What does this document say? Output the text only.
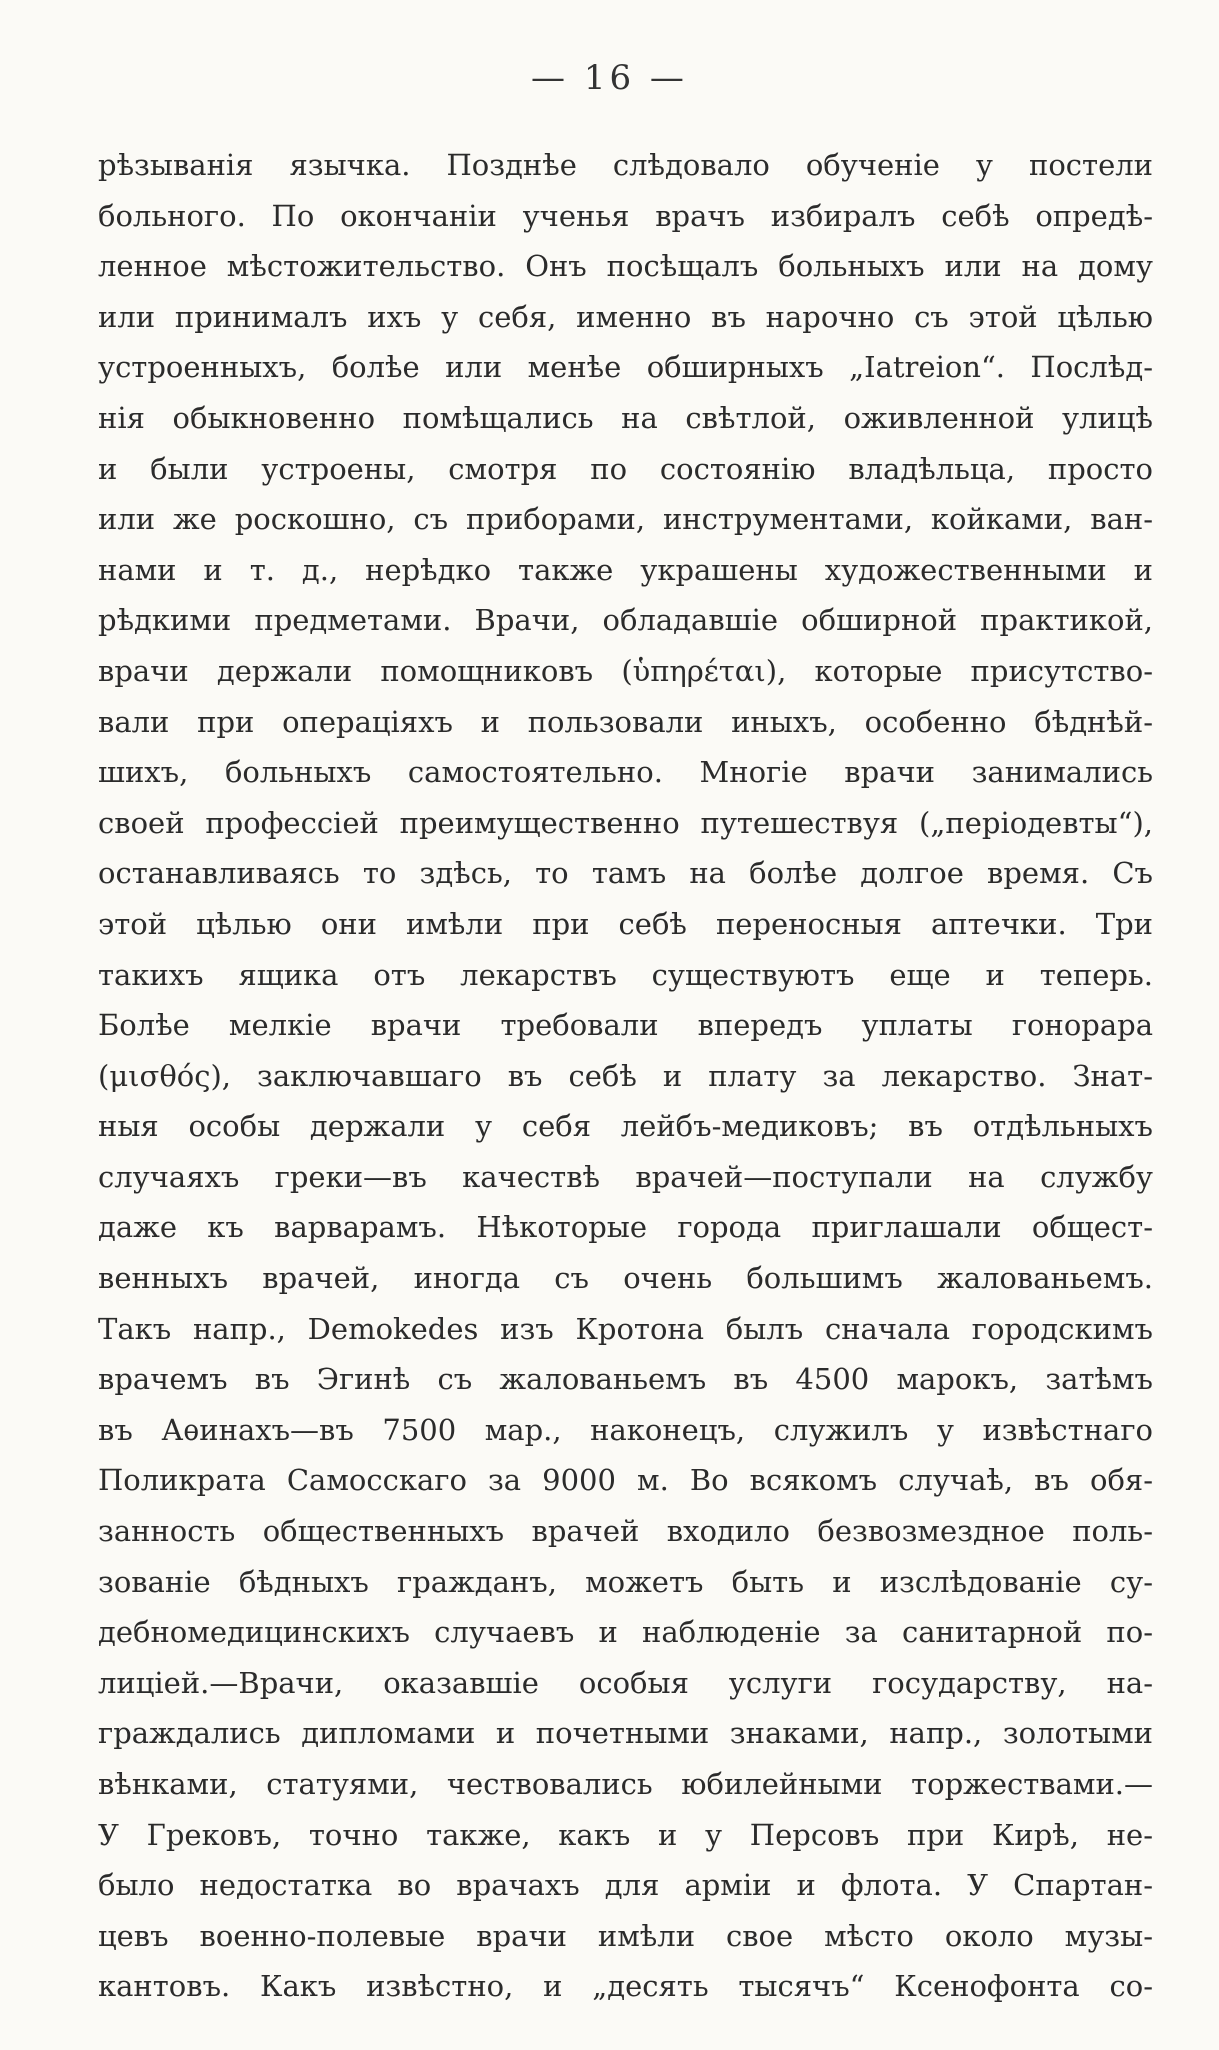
— 16 —
рѣзыванія язычка. Позднѣе слѣдовало обученіе у постели
больного. По окончаніи ученья врачъ избиралъ себѣ опредѣ-
ленное мѣстожительство. Онъ посѣщалъ больныхъ или на дому
или принималъ ихъ у себя, именно въ нарочно съ этой цѣлью
устроенныхъ, болѣе или менѣе обширныхъ „Iatreion“. Послѣд-
нія обыкновенно помѣщались на свѣтлой, оживленной улицѣ
и были устроены, смотря по состоянію владѣльца, просто
или же роскошно, съ приборами, инструментами, койками, ван-
нами и т. д., нерѣдко также украшены художественными и
рѣдкими предметами. Врачи, обладавшіе обширной практикой,
врачи держали помощниковъ (ὑπηρέται), которые присутство-
вали при операціяхъ и пользовали иныхъ, особенно бѣднѣй-
шихъ, больныхъ самостоятельно. Многіе врачи занимались
своей профессіей преимущественно путешествуя („періодевты“),
останавливаясь то здѣсь, то тамъ на болѣе долгое время. Съ
этой цѣлью они имѣли при себѣ переносныя аптечки. Три
такихъ ящика отъ лекарствъ существуютъ еще и теперь.
Болѣе мелкіе врачи требовали впередъ уплаты гонорара
(μισθός), заключавшаго въ себѣ и плату за лекарство. Знат-
ныя особы держали у себя лейбъ-медиковъ; въ отдѣльныхъ
случаяхъ греки—въ качествѣ врачей—поступали на службу
даже къ варварамъ. Нѣкоторые города приглашали общест-
венныхъ врачей, иногда съ очень большимъ жалованьемъ.
Такъ напр., Demokedes изъ Кротона былъ сначала городскимъ
врачемъ въ Эгинѣ съ жалованьемъ въ 4500 марокъ, затѣмъ
въ Аѳинахъ—въ 7500 мар., наконецъ, служилъ у извѣстнаго
Поликрата Самосскаго за 9000 м. Во всякомъ случаѣ, въ обя-
занность общественныхъ врачей входило безвозмездное поль-
зованіе бѣдныхъ гражданъ, можетъ быть и изслѣдованіе су-
дебномедицинскихъ случаевъ и наблюденіе за санитарной по-
лиціей.—Врачи, оказавшіе особыя услуги государству, на-
граждались дипломами и почетными знаками, напр., золотыми
вѣнками, статуями, чествовались юбилейными торжествами.—
У Грековъ, точно также, какъ и у Персовъ при Кирѣ, не-
было недостатка во врачахъ для арміи и флота. У Спартан-
цевъ военно-полевые врачи имѣли свое мѣсто около музы-
кантовъ. Какъ извѣстно, и „десять тысячъ“ Ксенофонта со-
